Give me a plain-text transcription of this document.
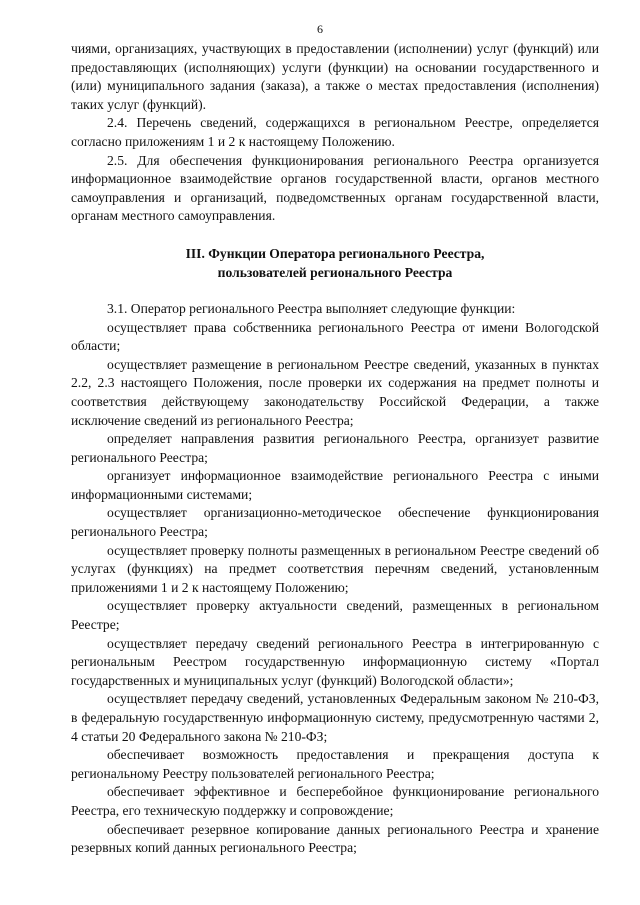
6

чиями, организациях, участвующих в предоставлении (исполнении) услуг (функций) или предоставляющих (исполняющих) услуги (функции) на основании государственного и (или) муниципального задания (заказа), а также о местах предоставления (исполнения) таких услуг (функций).

2.4. Перечень сведений, содержащихся в региональном Реестре, определяется согласно приложениям 1 и 2 к настоящему Положению.

2.5. Для обеспечения функционирования регионального Реестра организуется информационное взаимодействие органов государственной власти, органов местного самоуправления и организаций, подведомственных органам государственной власти, органам местного самоуправления.

III. Функции Оператора регионального Реестра,
пользователей регионального Реестра

3.1. Оператор регионального Реестра выполняет следующие функции:

осуществляет права собственника регионального Реестра от имени Вологодской области;

осуществляет размещение в региональном Реестре сведений, указанных в пунктах 2.2, 2.3 настоящего Положения, после проверки их содержания на предмет полноты и соответствия действующему законодательству Российской Федерации, а также исключение сведений из регионального Реестра;

определяет направления развития регионального Реестра, организует развитие регионального Реестра;

организует информационное взаимодействие регионального Реестра с иными информационными системами;

осуществляет организационно-методическое обеспечение функционирования регионального Реестра;

осуществляет проверку полноты размещенных в региональном Реестре сведений об услугах (функциях) на предмет соответствия перечням сведений, установленным приложениями 1 и 2 к настоящему Положению;

осуществляет проверку актуальности сведений, размещенных в региональном Реестре;

осуществляет передачу сведений регионального Реестра в интегрированную с региональным Реестром государственную информационную систему «Портал государственных и муниципальных услуг (функций) Вологодской области»;

осуществляет передачу сведений, установленных Федеральным законом № 210-ФЗ, в федеральную государственную информационную систему, предусмотренную частями 2, 4 статьи 20 Федерального закона № 210-ФЗ;

обеспечивает возможность предоставления и прекращения доступа к региональному Реестру пользователей регионального Реестра;

обеспечивает эффективное и бесперебойное функционирование регионального Реестра, его техническую поддержку и сопровождение;

обеспечивает резервное копирование данных регионального Реестра и хранение резервных копий данных регионального Реестра;
